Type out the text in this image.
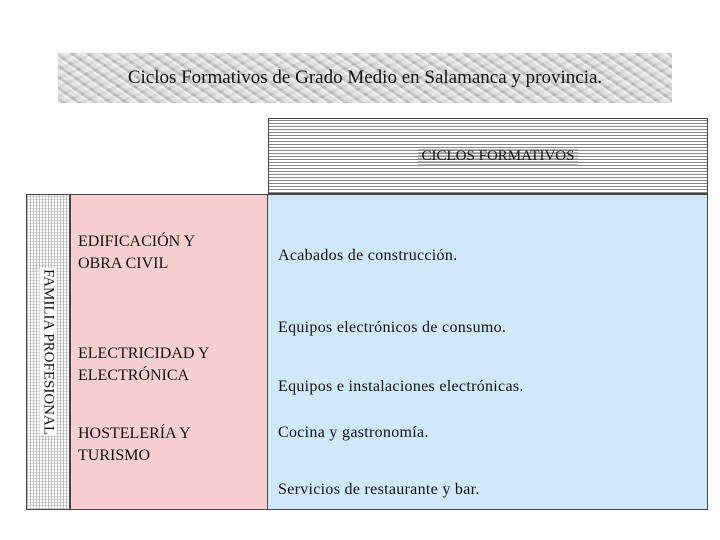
Ciclos Formativos de Grado Medio en Salamanca y provincia.
CICLOS FORMATIVOS
FAMILIA PROFESIONAL
EDIFICACIÓN Y
OBRA CIVIL
ELECTRICIDAD Y
ELECTRÓNICA
HOSTELERÍA Y
TURISMO
Acabados de construcción.
Equipos electrónicos de consumo.
Equipos e instalaciones electrónicas.
Cocina y gastronomía.
Servicios de restaurante y bar.
